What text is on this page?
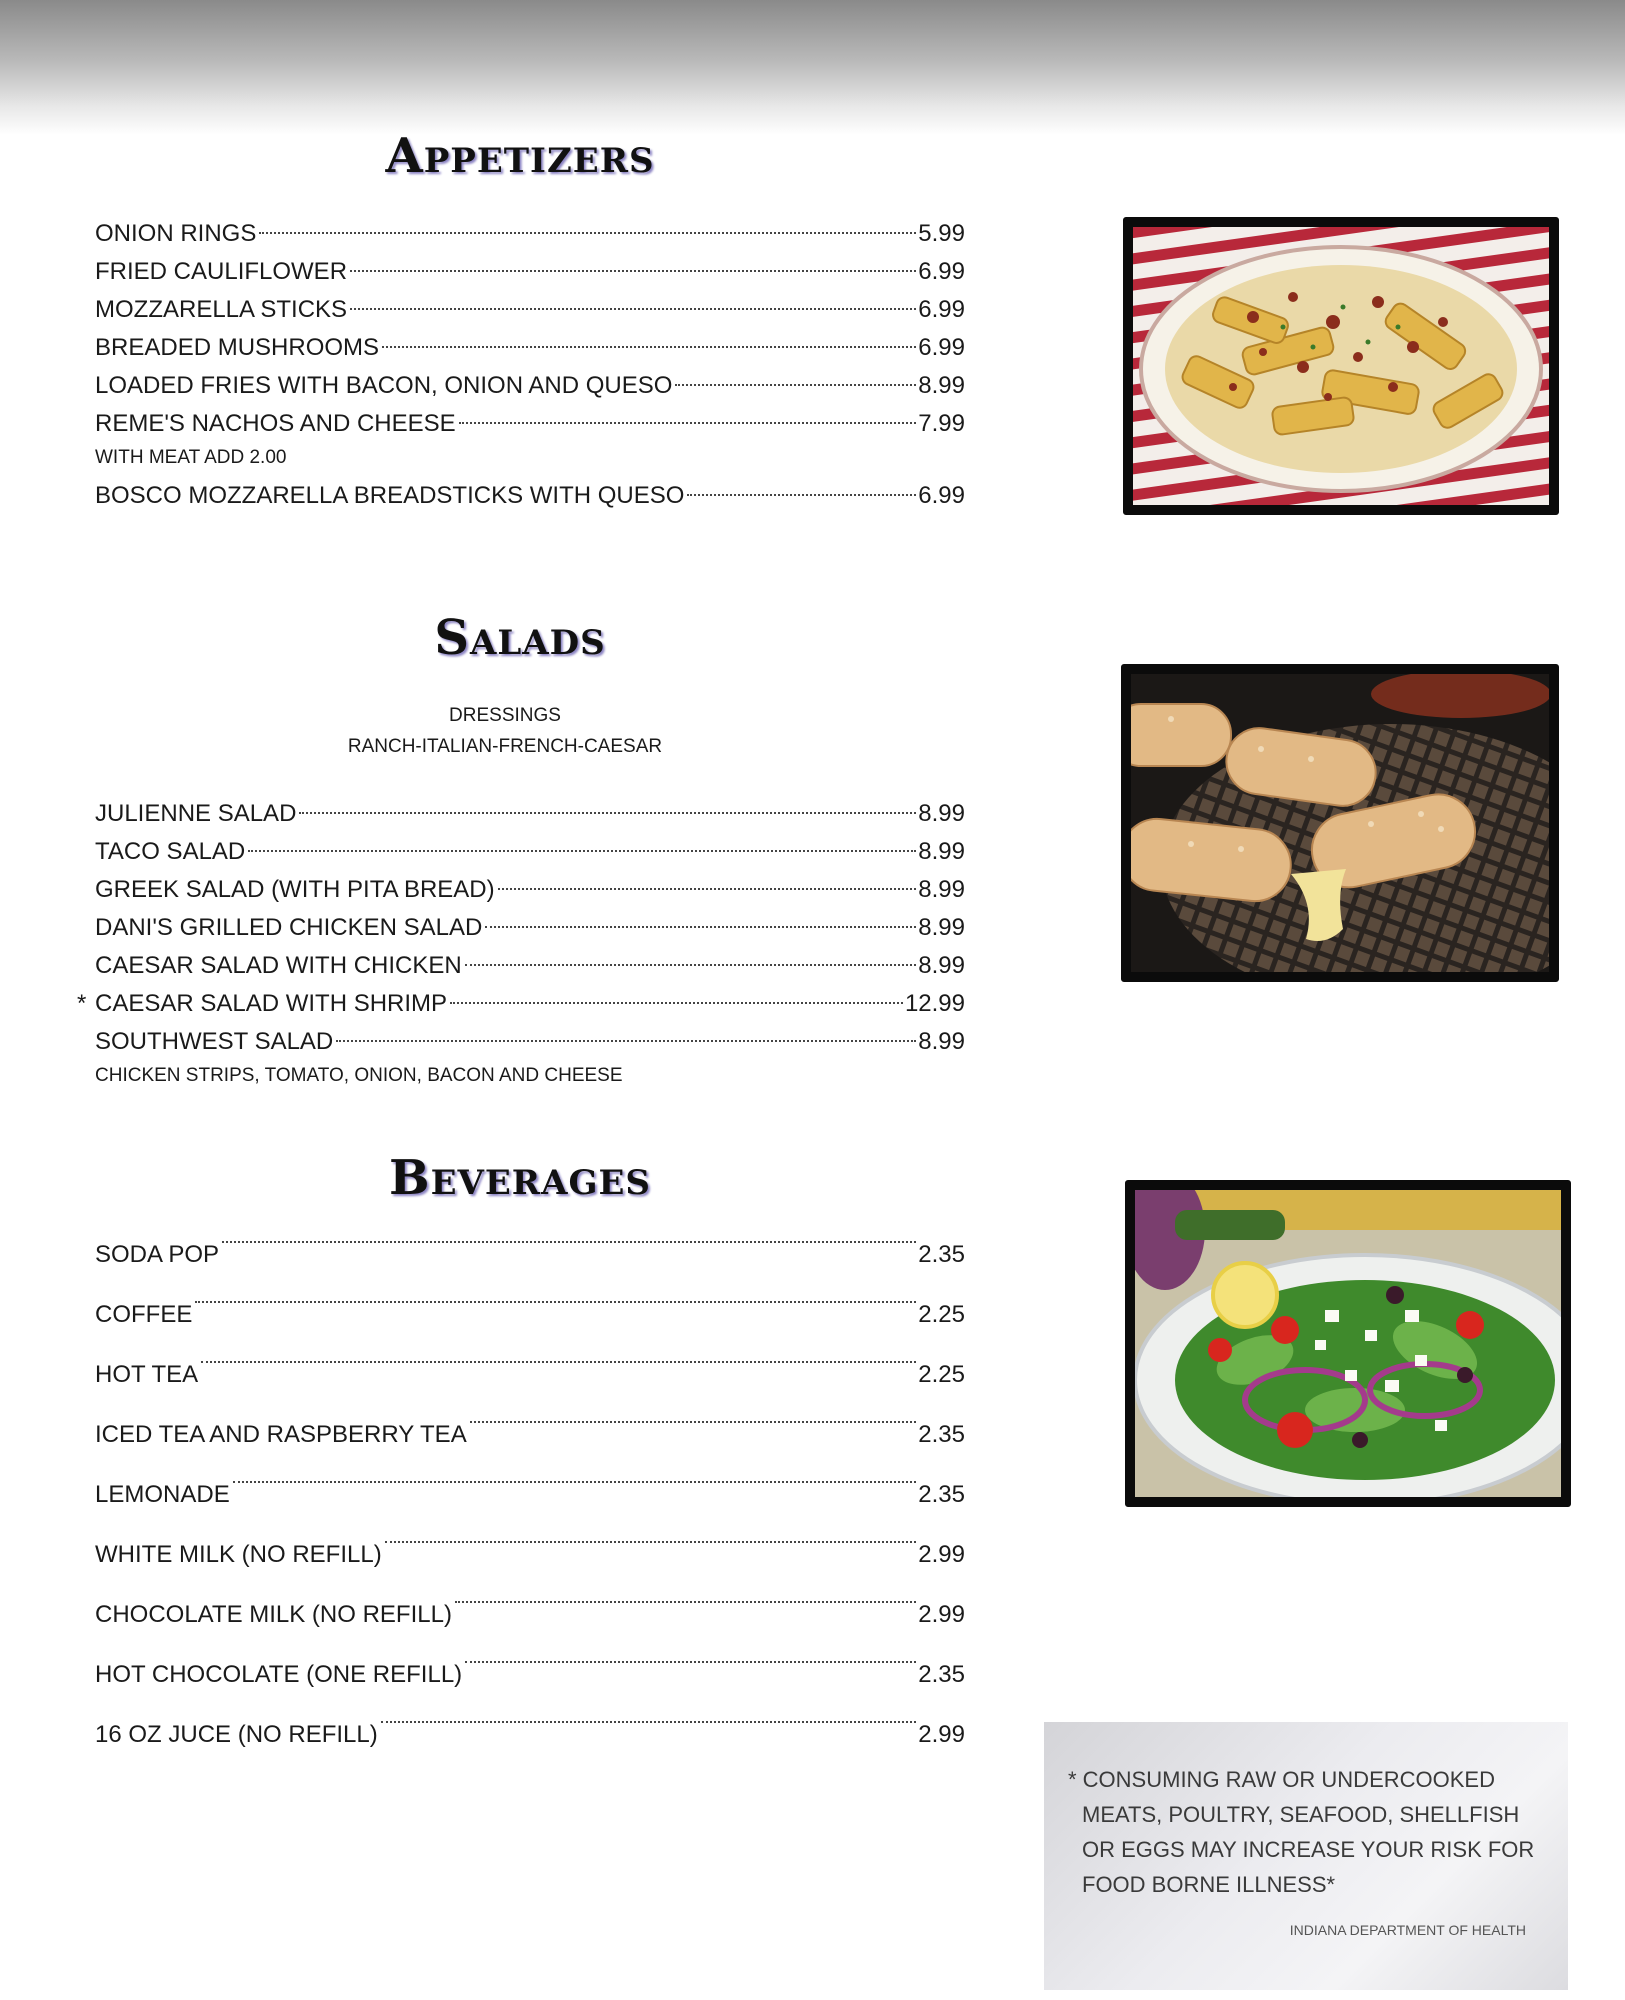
Appetizers
ONION RINGS	5.99
FRIED CAULIFLOWER	6.99
MOZZARELLA STICKS	6.99
BREADED MUSHROOMS	6.99
LOADED FRIES WITH BACON, ONION AND QUESO	8.99
REME'S NACHOS AND CHEESE	7.99
WITH MEAT ADD 2.00
BOSCO MOZZARELLA BREADSTICKS WITH QUESO	6.99
Salads
DRESSINGS
RANCH-ITALIAN-FRENCH-CAESAR
JULIENNE SALAD	8.99
TACO SALAD	8.99
GREEK SALAD (WITH PITA BREAD)	8.99
DANI'S GRILLED CHICKEN SALAD	8.99
CAESAR SALAD WITH CHICKEN	8.99
* CAESAR SALAD WITH SHRIMP	12.99
SOUTHWEST SALAD	8.99
CHICKEN STRIPS, TOMATO, ONION, BACON AND CHEESE
Beverages
SODA POP	2.35
COFFEE	2.25
HOT TEA	2.25
ICED TEA AND RASPBERRY TEA	2.35
LEMONADE	2.35
WHITE MILK (NO REFILL)	2.99
CHOCOLATE MILK (NO REFILL)	2.99
HOT CHOCOLATE (ONE REFILL)	2.35
16 OZ JUCE (NO REFILL)	2.99
* CONSUMING RAW OR UNDERCOOKED MEATS, POULTRY, SEAFOOD, SHELLFISH OR EGGS MAY INCREASE YOUR RISK FOR FOOD BORNE ILLNESS*
INDIANA DEPARTMENT OF HEALTH
